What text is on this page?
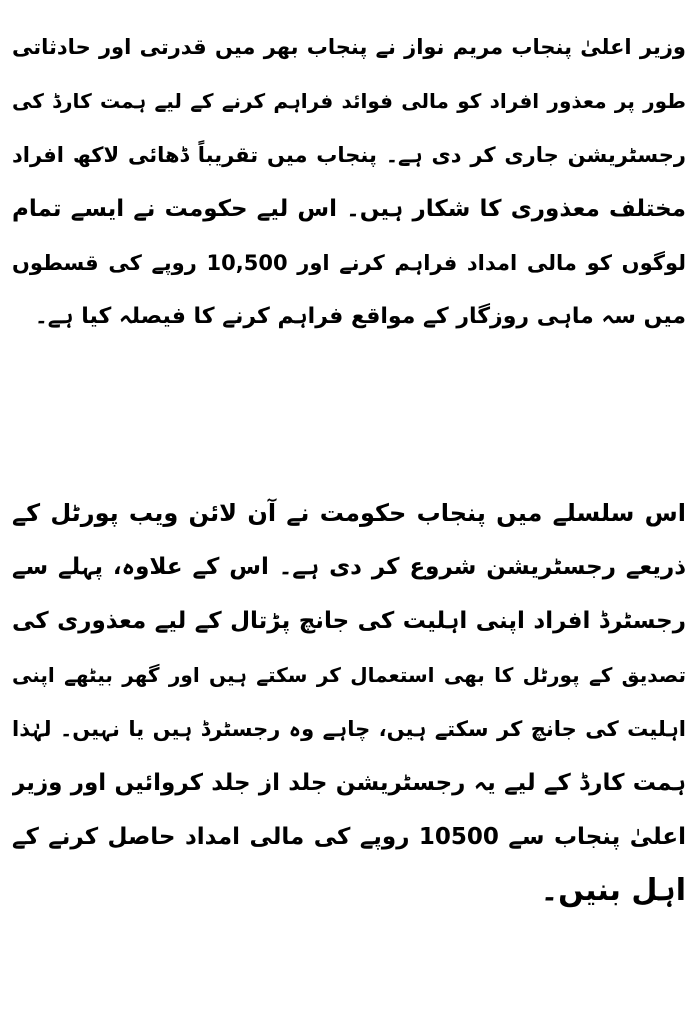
وزیر اعلیٰ پنجاب مریم نواز نے پنجاب بھر میں قدرتی اور حادثاتی
طور پر معذور افراد کو مالی فوائد فراہم کرنے کے لیے ہمت کارڈ کی
رجسٹریشن جاری کر دی ہے۔ پنجاب میں تقریباً ڈھائی لاکھ افراد
مختلف معذوری کا شکار ہیں۔ اس لیے حکومت نے ایسے تمام
لوگوں کو مالی امداد فراہم کرنے اور 10,500 روپے کی قسطوں
میں سہ ماہی روزگار کے مواقع فراہم کرنے کا فیصلہ کیا ہے۔
اس سلسلے میں پنجاب حکومت نے آن لائن ویب پورٹل کے
ذریعے رجسٹریشن شروع کر دی ہے۔ اس کے علاوہ، پہلے سے
رجسٹرڈ افراد اپنی اہلیت کی جانچ پڑتال کے لیے معذوری کی
تصدیق کے پورٹل کا بھی استعمال کر سکتے ہیں اور گھر بیٹھے اپنی
اہلیت کی جانچ کر سکتے ہیں، چاہے وہ رجسٹرڈ ہیں یا نہیں۔ لہٰذا
ہمت کارڈ کے لیے یہ رجسٹریشن جلد از جلد کروائیں اور وزیر
اعلیٰ پنجاب سے 10500 روپے کی مالی امداد حاصل کرنے کے
اہل بنیں۔
